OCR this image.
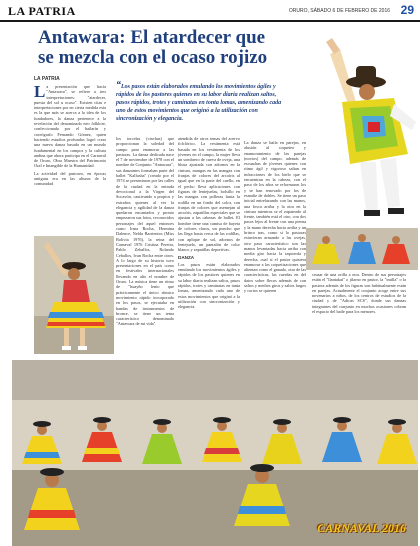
LA PATRIA	ORURO, SÁBADO 6 DE FEBRERO DE 2016 29
Antawara: El atardecer que se mezcla con el ocaso rojizo
LA PATRIA
“Los pasos están elaborados emulando los movimientos ágiles y rápidos de los pastores quienes en su labor diaria realizan saltos, pasos rápidos, trotes y caminatas en tonta lomas, amenizando cada uno de estos movimientos que originó a la utilización con sincronización y elegancia.
L a presentación que hacía "Antawara", se refiere a tres interpretaciones: "atardecer, puesta del sol u ocaso". Existen citas e interpretaciones por en cierta medida esta es la que más se acerca a la idea de los fundadores, la danza pertenece a la revelación del denominado neo folklore, confeccionada por el bailarín y coreógrafo Fernando Gómez, quien haciendo estudios profundos logró crear una nueva danza basada en un mundo fundamental en los campos y la cultura andina que ahora participa en el Carnaval de Oruro, Obra Maestra del Patrimonio Oral e Intangible de la Humanidad.

La actividad del pastoreo, en épocas antiguas era en las alturas de la comunidad

los torcelas (cinchas) que proporcionan la soledad del campo para enamorar a las pastoras. La danza dedicada nace el 7 de noviembre de 1978 con el nombre de Conjunto "Antawara", sus danzantes formaban parte del ballet "Kallusha" (creado por el 1974 se presentaron por las calles de la ciudad en la entrada devocional a la Virgen del Socavón, cautivando a propios y extraños quienes al ver la elegancia y agilidad de la danza quedaron encantados y pronto empezaron sus fotos, reconocidos personajes del aquel entonces como Irma Rocha, Hermina Dalence, Nelda Barrientos (Miss Bolivia 1976), la reina del Carnaval 1976 Cristina Pereira, Pablo Zeballos, Rolando Ceballos, Ivan Rocha entre otros. A lo largo de su historia tuvo presentaciones en el país como en festivales internacionales llevando en alto el nombre de Oruro. La música tiene un ritmo de "huayño lento que prácticamente el único rítmico movimiento rápido incorporado en los pasos, se ejecutaba en bandas de instrumentos de bronce, se tiene un tema característico denominado "Antawara de mi vida".

atendida de otros temas del acervo folclórico. La vestimenta está basada en los vestimenta de los jóvenes en el campo, la mujer lleva un sombrero de cueva de oveja, una blusa ajustada con adornos en la cintura, mangas en las mangas con franjas de colores del arcoíris al igual que en la parte del cuello, en el pecho lleva aplicaciones con figuras de lentejuelas, bolsillo en las mangas con polleras hasta la rodilla en un fondo del color, con franjas de colores que asemejan al arcoíris, zapatillas especiales que se ajustan a las cabezas de ballet. El hombre tiene una camisa de bayeta de colores claros, un poncho que las llega hasta cerca de las rodillas, con aplique de sol, adornos de lentejuela, un pantalón de color blanco y zapatillas deportivas.

DANZA

Los pasos están elaborados emulando los movimientos ágiles y rápidos de los pastores quienes en su labor diaria realizan saltos, pasos rápidos, trotes y caminatas en tanta lomas, amenizando cada uno de estos movimientos que originó a la utilización con sincronización y elegancia.

La danza se baila en parejas, en alusión al coqueteo y enamoramiento de las parejas (novios) del campo, además de escuadras de jóvenes quienes con ritmo ágil y vigoroso saltan en infracciones de los hielo que se encuentran en la cabeza, con el paso de los años se reformaron los y se han renovado por los de esmalte de dobles. Se tiene un paso inicial entrelazando con las manos, una fosca arriba y la otra en la cintura mientras se el zapateado al frente, también está el otro, con dos pasos lejos al frente con una pierna y la mano derecha hacia arriba y un brinco tras, como si lo pastoras estuvieran armando a las ovejas, otro paso característico son las manos levantadas hacia arriba con media giro hacia la izquierda y derecha, cual si el pastor quisiera enamorar a las coquetizaciones que alientan como el ganado, otra de las características, las cuerdas en del datos sobre flecos además de con saltos y medios giros y saltos largos y cortos se quieren

cruzar de una orilla a otra. Dentro de sus personajes están el "llantakat" o jilarno en pastor, la "imilla" o la pastora además de los figuras son habitualmente están en parejas. Actualmente el conjunto acoge entre sus novenarios a niños, de los centros de estudios de la ciudad y de "Adicas SCS", donde sus danzas integrantes del conjunto en muchos ocasiones cobran el espacio del baile para los menores.

CARNAVAL 2016
